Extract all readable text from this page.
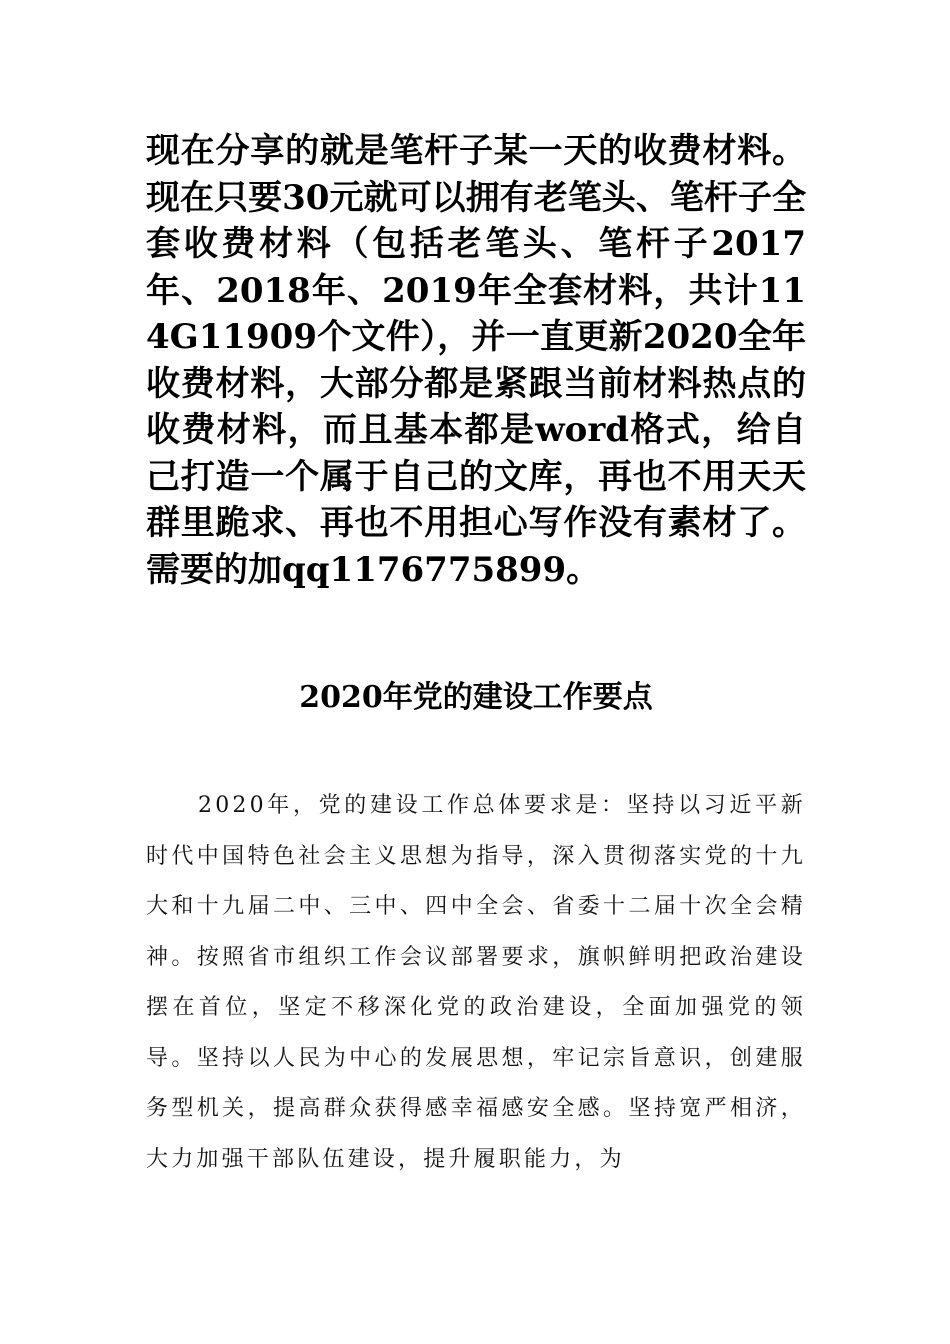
现在分享的就是笔杆子某一天的收费材料。现在只要30元就可以拥有老笔头、笔杆子全套收费材料（包括老笔头、笔杆子2017年、2018年、2019年全套材料，共计114G11909个文件），并一直更新2020全年收费材料，大部分都是紧跟当前材料热点的收费材料，而且基本都是word格式，给自己打造一个属于自己的文库，再也不用天天群里跪求、再也不用担心写作没有素材了。需要的加qq1176775899。

2020年党的建设工作要点

2020年，党的建设工作总体要求是：坚持以习近平新时代中国特色社会主义思想为指导，深入贯彻落实党的十九大和十九届二中、三中、四中全会、省委十二届十次全会精神。按照省市组织工作会议部署要求，旗帜鲜明把政治建设摆在首位，坚定不移深化党的政治建设，全面加强党的领导。坚持以人民为中心的发展思想，牢记宗旨意识，创建服务型机关，提高群众获得感幸福感安全感。坚持宽严相济，大力加强干部队伍建设，提升履职能力，为
